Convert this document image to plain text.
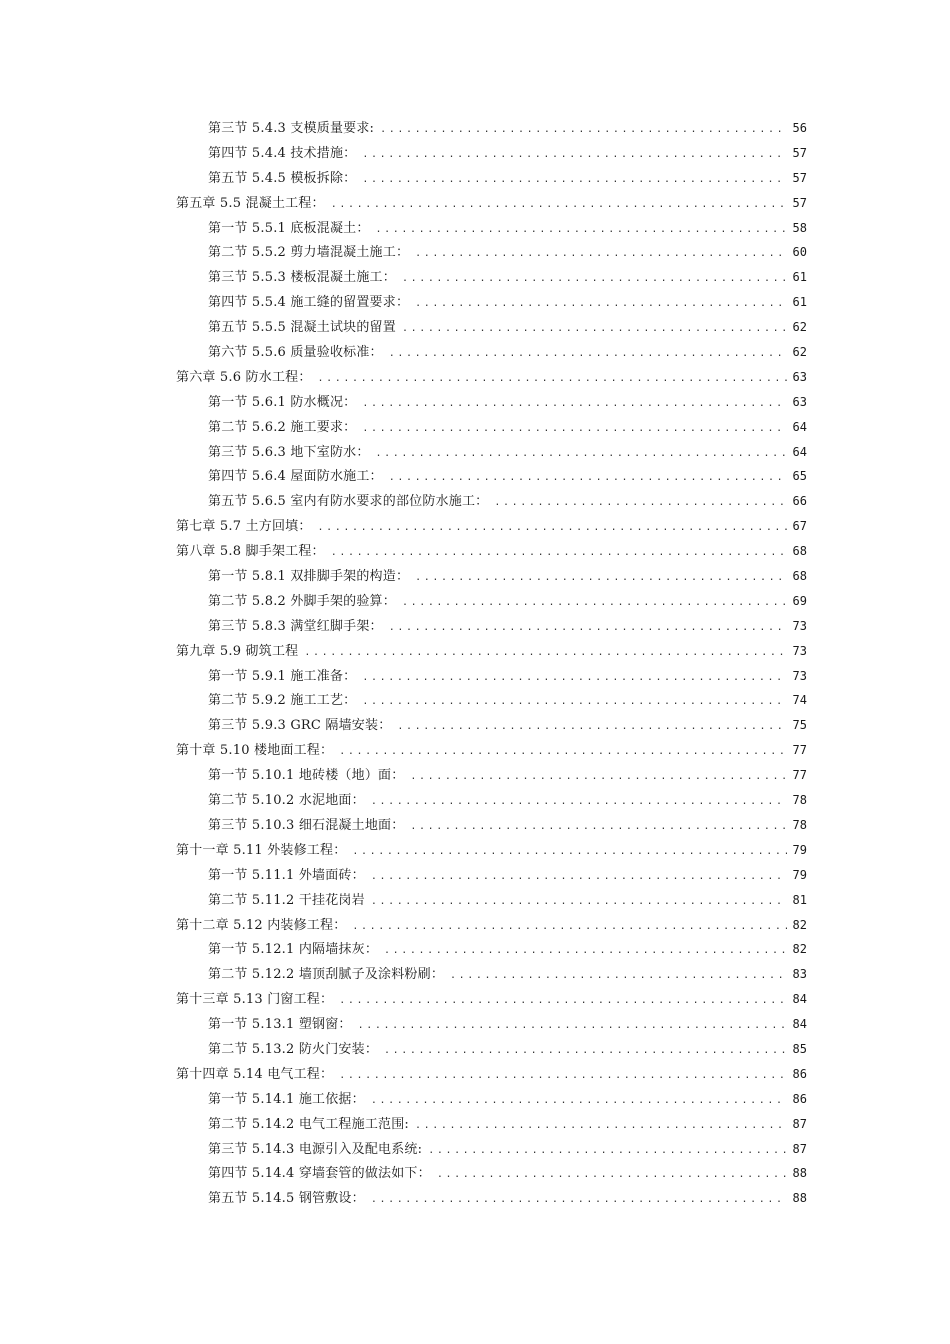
第三节 5.4.3 支模质量要求: .....	56
第四节 5.4.4 技术措施： .....	57
第五节 5.4.5 模板拆除： .....	57
第五章 5.5 混凝土工程： .....	57
第一节 5.5.1 底板混凝土： .....	58
第二节 5.5.2 剪力墙混凝土施工： .....	60
第三节 5.5.3 楼板混凝土施工： .....	61
第四节 5.5.4 施工缝的留置要求： .....	61
第五节 5.5.5 混凝土试块的留置 .....	62
第六节 5.5.6 质量验收标准： .....	62
第六章 5.6 防水工程： .....	63
第一节 5.6.1 防水概况： .....	63
第二节 5.6.2 施工要求： .....	64
第三节 5.6.3 地下室防水： .....	64
第四节 5.6.4 屋面防水施工： .....	65
第五节 5.6.5 室内有防水要求的部位防水施工： .....	66
第七章 5.7 土方回填： .....	67
第八章 5.8 脚手架工程： .....	68
第一节 5.8.1 双排脚手架的构造： .....	68
第二节 5.8.2 外脚手架的验算： .....	69
第三节 5.8.3 满堂红脚手架： .....	73
第九章 5.9 砌筑工程 .....	73
第一节 5.9.1 施工准备： .....	73
第二节 5.9.2 施工工艺： .....	74
第三节 5.9.3 GRC 隔墙安装： .....	75
第十章 5.10 楼地面工程： .....	77
第一节 5.10.1 地砖楼（地）面： .....	77
第二节 5.10.2 水泥地面： .....	78
第三节 5.10.3 细石混凝土地面： .....	78
第十一章 5.11 外装修工程： .....	79
第一节 5.11.1 外墙面砖： .....	79
第二节 5.11.2 干挂花岗岩 .....	81
第十二章 5.12 内装修工程： .....	82
第一节 5.12.1 内隔墙抹灰： .....	82
第二节 5.12.2 墙顶刮腻子及涂料粉刷： .....	83
第十三章 5.13 门窗工程： .....	84
第一节 5.13.1 塑钢窗： .....	84
第二节 5.13.2 防火门安装： .....	85
第十四章 5.14 电气工程： .....	86
第一节 5.14.1 施工依据： .....	86
第二节 5.14.2 电气工程施工范围: .....	87
第三节 5.14.3 电源引入及配电系统: .....	87
第四节 5.14.4 穿墙套管的做法如下： .....	88
第五节 5.14.5 钢管敷设： .....	88
